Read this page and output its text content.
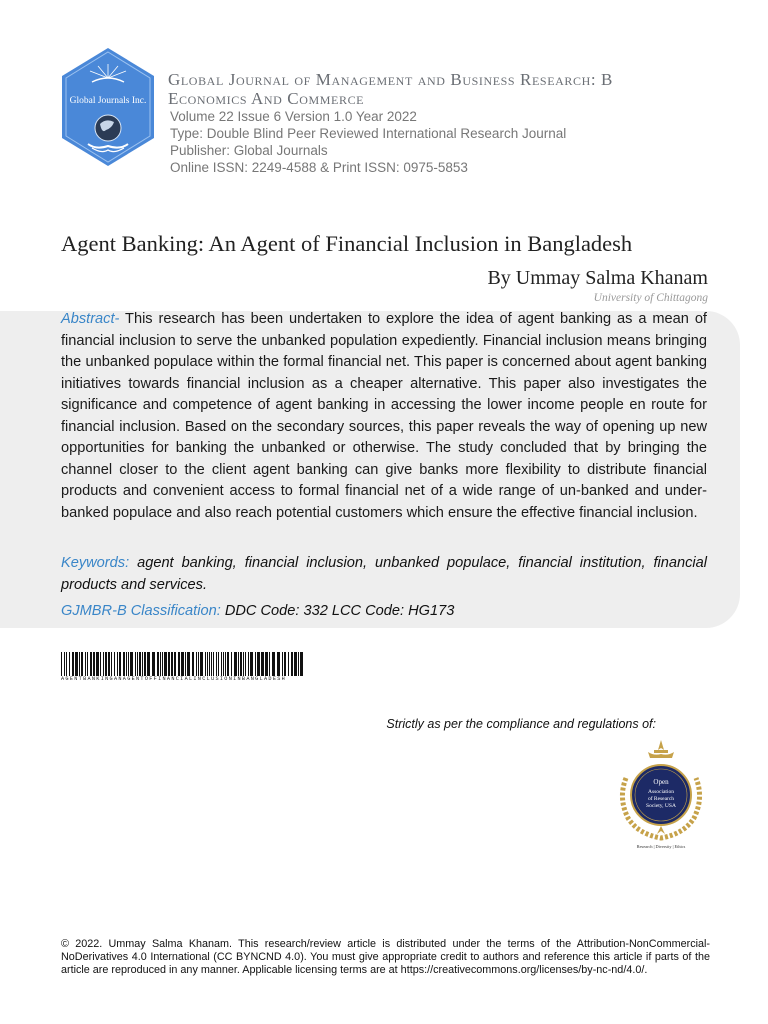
Global Journals Inc.
Global Journal of Management and Business Research: B
Economics And Commerce
Volume 22 Issue 6 Version 1.0 Year 2022
Type: Double Blind Peer Reviewed International Research Journal
Publisher: Global Journals
Online ISSN: 2249-4588 & Print ISSN: 0975-5853
Agent Banking: An Agent of Financial Inclusion in Bangladesh
By Ummay Salma Khanam
University of Chittagong
Abstract- This research has been undertaken to explore the idea of agent banking as a mean of financial inclusion to serve the unbanked population expediently. Financial inclusion means bringing the unbanked populace within the formal financial net. This paper is concerned about agent banking initiatives towards financial inclusion as a cheaper alternative. This paper also investigates the significance and competence of agent banking in accessing the lower income people en route for financial inclusion. Based on the secondary sources, this paper reveals the way of opening up new opportunities for banking the unbanked or otherwise. The study concluded that by bringing the channel closer to the client agent banking can give banks more flexibility to distribute financial products and convenient access to formal financial net of a wide range of un-banked and under-banked populace and also reach potential customers which ensure the effective financial inclusion.
Keywords: agent banking, financial inclusion, unbanked populace, financial institution, financial products and services.
GJMBR-B Classification: DDC Code: 332 LCC Code: HG173
AGENTBANKINGANAGENTOFFINANCIALINCLUSIONINBANGLADESH
Strictly as per the compliance and regulations of:
Open
Association
of Research
Society, USA
Research | Diversity | Ethics
© 2022. Ummay Salma Khanam. This research/review article is distributed under the terms of the Attribution-NonCommercial-NoDerivatives 4.0 International (CC BYNCND 4.0). You must give appropriate credit to authors and reference this article if parts of the article are reproduced in any manner. Applicable licensing terms are at https://creativecommons.org/licenses/by-nc-nd/4.0/.
